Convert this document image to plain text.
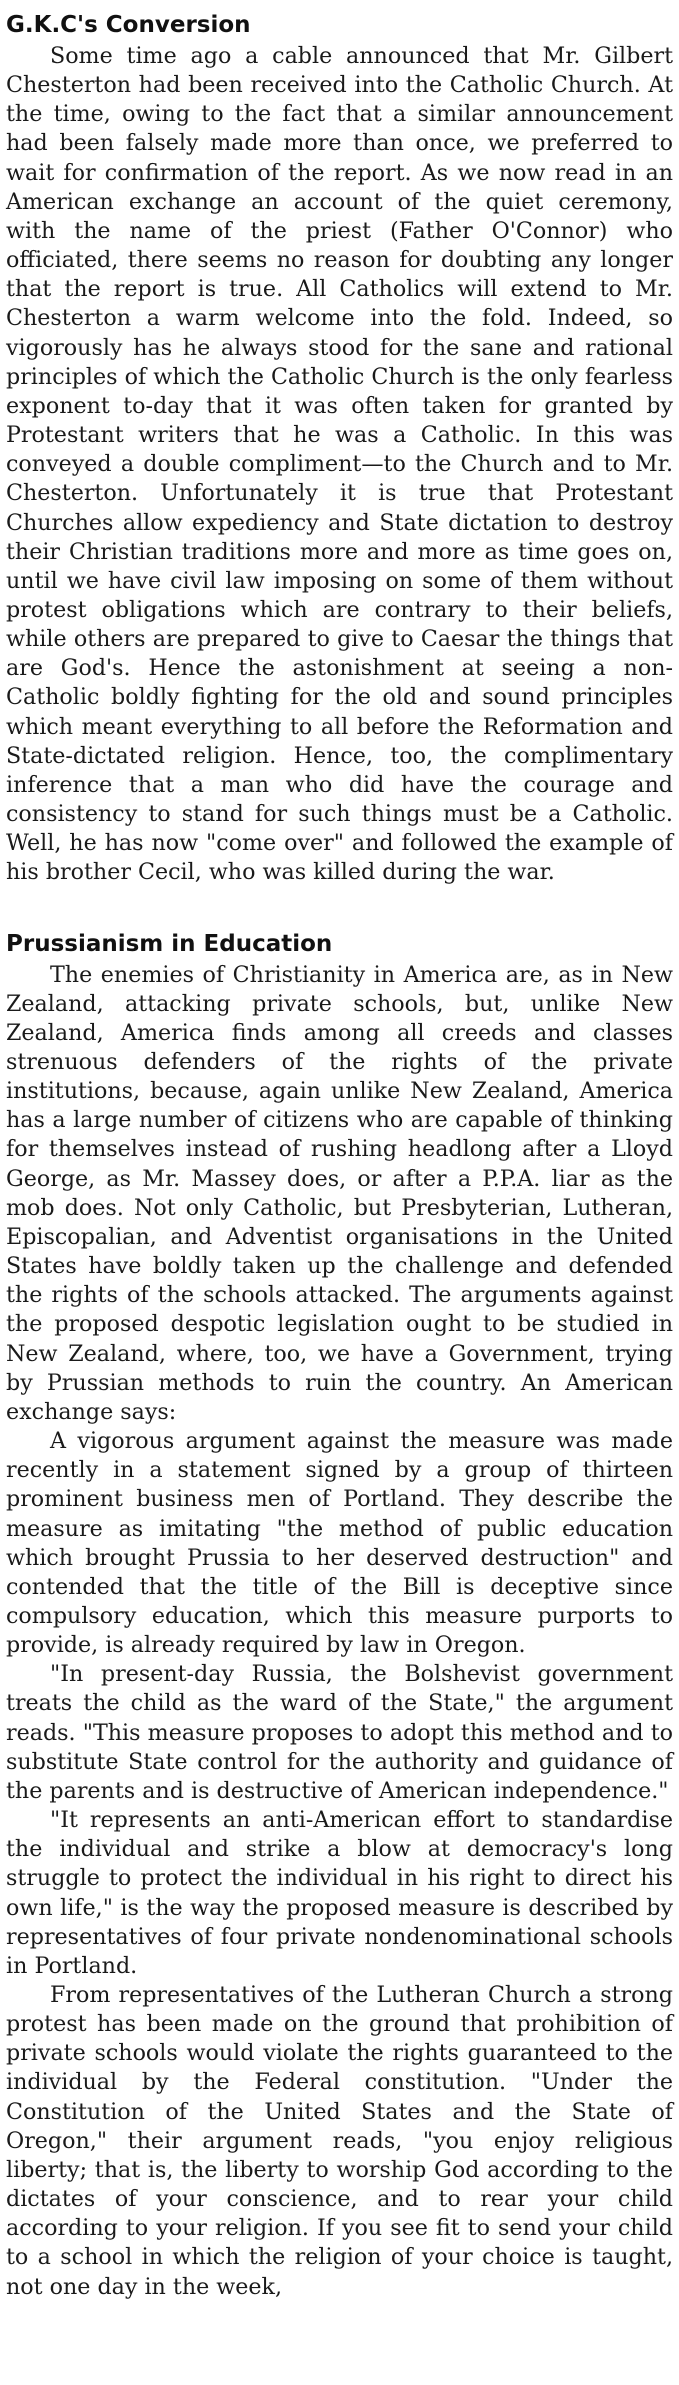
G.K.C's Conversion

Some time ago a cable announced that Mr. Gilbert Chesterton had been received into the Catholic Church. At the time, owing to the fact that a similar announcement had been falsely made more than once, we preferred to wait for confirmation of the report. As we now read in an American exchange an account of the quiet ceremony, with the name of the priest (Father O'Connor) who officiated, there seems no reason for doubting any longer that the report is true. All Catholics will extend to Mr. Chesterton a warm welcome into the fold. Indeed, so vigorously has he always stood for the sane and rational principles of which the Catholic Church is the only fearless exponent to-day that it was often taken for granted by Protestant writers that he was a Catholic. In this was conveyed a double compliment—to the Church and to Mr. Chesterton. Unfortunately it is true that Protestant Churches allow expediency and State dictation to destroy their Christian traditions more and more as time goes on, until we have civil law imposing on some of them without protest obligations which are contrary to their beliefs, while others are prepared to give to Caesar the things that are God's. Hence the astonishment at seeing a non-Catholic boldly fighting for the old and sound principles which meant everything to all before the Reformation and State-dictated religion. Hence, too, the complimentary inference that a man who did have the courage and consistency to stand for such things must be a Catholic. Well, he has now "come over" and followed the example of his brother Cecil, who was killed during the war.

Prussianism in Education

The enemies of Christianity in America are, as in New Zealand, attacking private schools, but, unlike New Zealand, America finds among all creeds and classes strenuous defenders of the rights of the private institutions, because, again unlike New Zealand, America has a large number of citizens who are capable of thinking for themselves instead of rushing headlong after a Lloyd George, as Mr. Massey does, or after a P.P.A. liar as the mob does. Not only Catholic, but Presbyterian, Lutheran, Episcopalian, and Adventist organisations in the United States have boldly taken up the challenge and defended the rights of the schools attacked. The arguments against the proposed despotic legislation ought to be studied in New Zealand, where, too, we have a Government, trying by Prussian methods to ruin the country. An American exchange says:

A vigorous argument against the measure was made recently in a statement signed by a group of thirteen prominent business men of Portland. They describe the measure as imitating "the method of public education which brought Prussia to her deserved destruction" and contended that the title of the Bill is deceptive since compulsory education, which this measure purports to provide, is already required by law in Oregon.

"In present-day Russia, the Bolshevist government treats the child as the ward of the State," the argument reads. "This measure proposes to adopt this method and to substitute State control for the authority and guidance of the parents and is destructive of American independence."

"It represents an anti-American effort to standardise the individual and strike a blow at democracy's long struggle to protect the individual in his right to direct his own life," is the way the proposed measure is described by representatives of four private nondenominational schools in Portland.

From representatives of the Lutheran Church a strong protest has been made on the ground that prohibition of private schools would violate the rights guaranteed to the individual by the Federal constitution. "Under the Constitution of the United States and the State of Oregon," their argument reads, "you enjoy religious liberty; that is, the liberty to worship God according to the dictates of your conscience, and to rear your child according to your religion. If you see fit to send your child to a school in which the religion of your choice is taught, not one day in the week,
